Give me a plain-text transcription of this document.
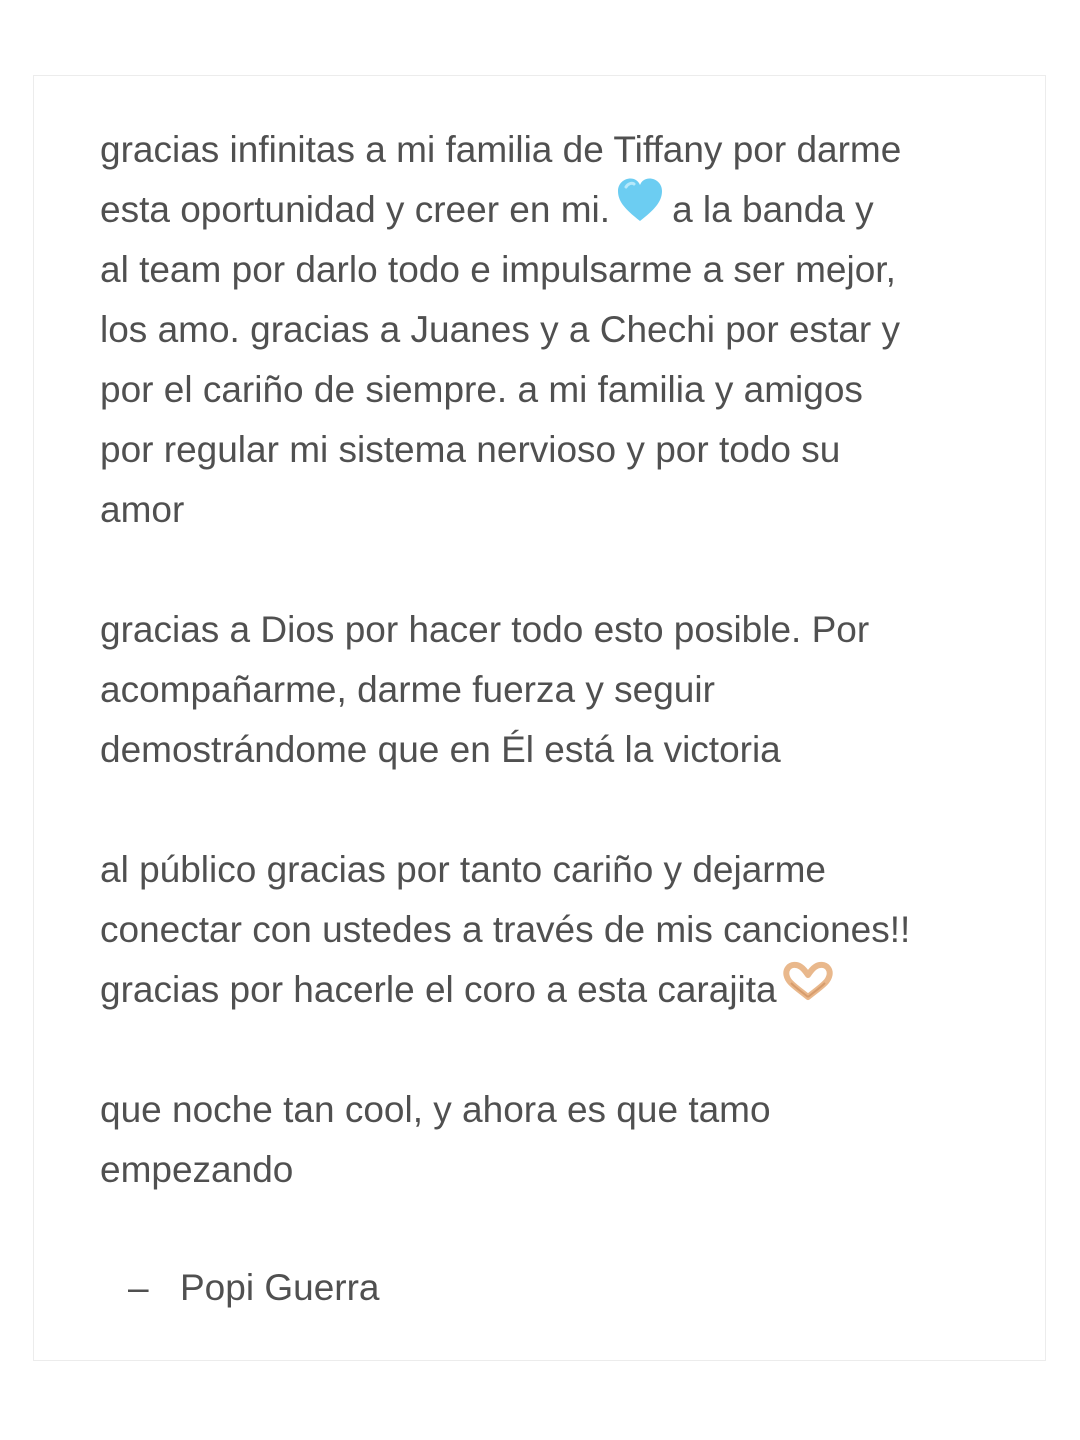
gracias infinitas a mi familia de Tiffany por darme
esta oportunidad y creer en mi. a la banda y
al team por darlo todo e impulsarme a ser mejor,
los amo. gracias a Juanes y a Chechi por estar y
por el cariño de siempre. a mi familia y amigos
por regular mi sistema nervioso y por todo su
amor
gracias a Dios por hacer todo esto posible. Por
acompañarme, darme fuerza y seguir
demostrándome que en Él está la victoria
al público gracias por tanto cariño y dejarme
conectar con ustedes a través de mis canciones!!
gracias por hacerle el coro a esta carajita
que noche tan cool, y ahora es que tamo
empezando
– Popi Guerra
